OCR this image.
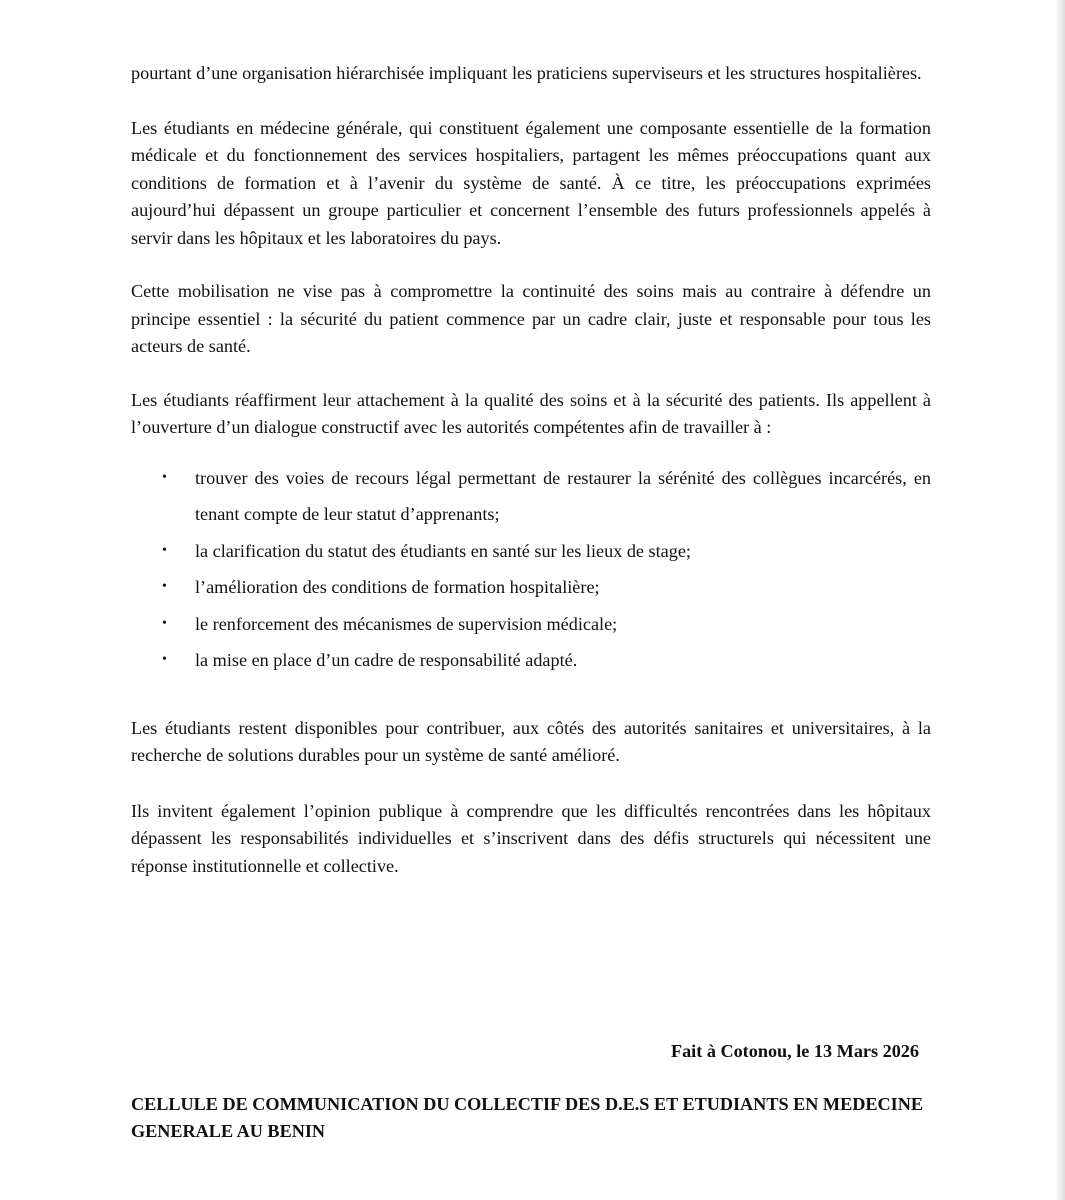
pourtant d’une organisation hiérarchisée impliquant les praticiens superviseurs et les structures hospitalières.

Les étudiants en médecine générale, qui constituent également une composante essentielle de la formation médicale et du fonctionnement des services hospitaliers, partagent les mêmes préoccupations quant aux conditions de formation et à l’avenir du système de santé. À ce titre, les préoccupations exprimées aujourd’hui dépassent un groupe particulier et concernent l’ensemble des futurs professionnels appelés à servir dans les hôpitaux et les laboratoires du pays.

Cette mobilisation ne vise pas à compromettre la continuité des soins mais au contraire à défendre un principe essentiel : la sécurité du patient commence par un cadre clair, juste et responsable pour tous les acteurs de santé.

Les étudiants réaffirment leur attachement à la qualité des soins et à la sécurité des patients. Ils appellent à l’ouverture d’un dialogue constructif avec les autorités compétentes afin de travailler à :

• trouver des voies de recours légal permettant de restaurer la sérénité des collègues incarcérés, en tenant compte de leur statut d’apprenants;
• la clarification du statut des étudiants en santé sur les lieux de stage;
• l’amélioration des conditions de formation hospitalière;
• le renforcement des mécanismes de supervision médicale;
• la mise en place d’un cadre de responsabilité adapté.

Les étudiants restent disponibles pour contribuer, aux côtés des autorités sanitaires et universitaires, à la recherche de solutions durables pour un système de santé amélioré.

Ils invitent également l’opinion publique à comprendre que les difficultés rencontrées dans les hôpitaux dépassent les responsabilités individuelles et s’inscrivent dans des défis structurels qui nécessitent une réponse institutionnelle et collective.

Fait à Cotonou, le 13 Mars 2026
CELLULE DE COMMUNICATION DU COLLECTIF DES D.E.S ET ETUDIANTS EN MEDECINE GENERALE AU BENIN
